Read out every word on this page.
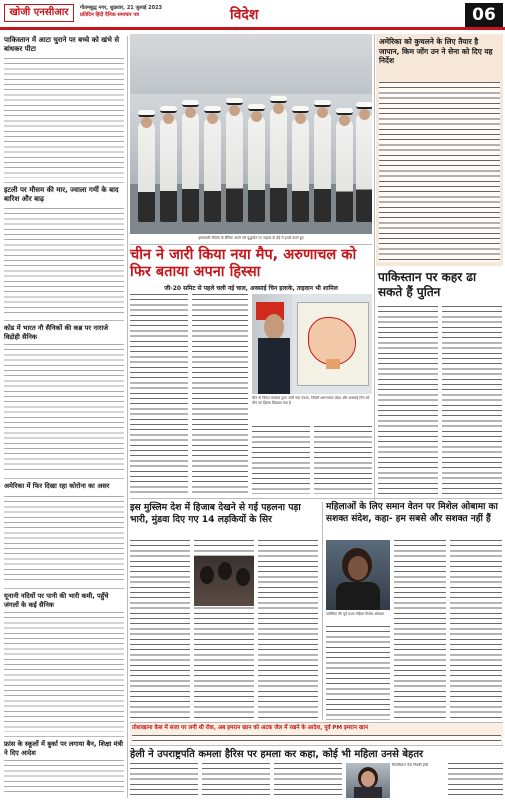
खोजी एनसीआर	गौतमबुद्ध नगर, शुक्रवार, 21 जुलाई 2023
प्रतिदिन हिंदी दैनिक समाचार पत्र	विदेश	06
पाकिस्तान में आटा चुराने पर बच्चे को खंभे से बांधकर पीटा
इटली पर मौसम की मार, ज्वाला गर्मी के बाद बारिश और बाढ़
कोड में भारत नौ सैनिकों की कब्र पर नाराजे विद्रोही सैनिक
अमेरिका में फिर दिखा रहा कोरोना का असर
यूनानी नदियों पर पानी की भारी कमी, पहुँचे जंगलों के कई सैनिक
फ्रांस के स्कूलों में बुर्का पर लगाया बैन, शिक्षा मंत्री ने दिए आदेश
इसरायली नौसेना के सैनिक अपने नये युद्धपोत पर जहाज के बेड़े में हमले करते हुए
अमेरिका को कुचलने के लिए तैयार है जापान, किम जोंग उन ने सेना को दिए यह निर्देश
चीन ने जारी किया नया मैप, अरुणाचल को फिर बताया अपना हिस्सा
जी-20 समिट से पहले चली नई चाल, अक्साई चिन इलाके, ताइवान भी शामिल
चीन के विदेश मंत्रालय द्वारा जारी नया नक्शा, जिसमें अरुणाचल प्रदेश और अक्साई चिन को चीन का हिस्सा दिखाया गया है
पाकिस्तान पर कहर ढा सकते हैं पुतिन
इस मुस्लिम देश में हिजाब देखने से गई पहलना पड़ा भारी, मुंडवा दिए गए 14 लड़कियों के सिर
महिलाओं के लिए समान वेतन पर मिशेल ओबामा का सशक्त संदेश, कहा- हम सबसे और सशक्त नहीं हैं
अमेरिका की पूर्व प्रथम महिला मिशेल ओबामा
तोशाखाना केस में सजा पर लगी थी रोक, अब इमरान खान को अटक जेल में रखने के आदेश, पूर्व PM इमरान खान
हेली ने उपराष्ट्रपति कमला हैरिस पर हमला कर कहा, कोई भी महिला उनसे बेहतर
रिपब्लिकन नेता निक्की हेली
